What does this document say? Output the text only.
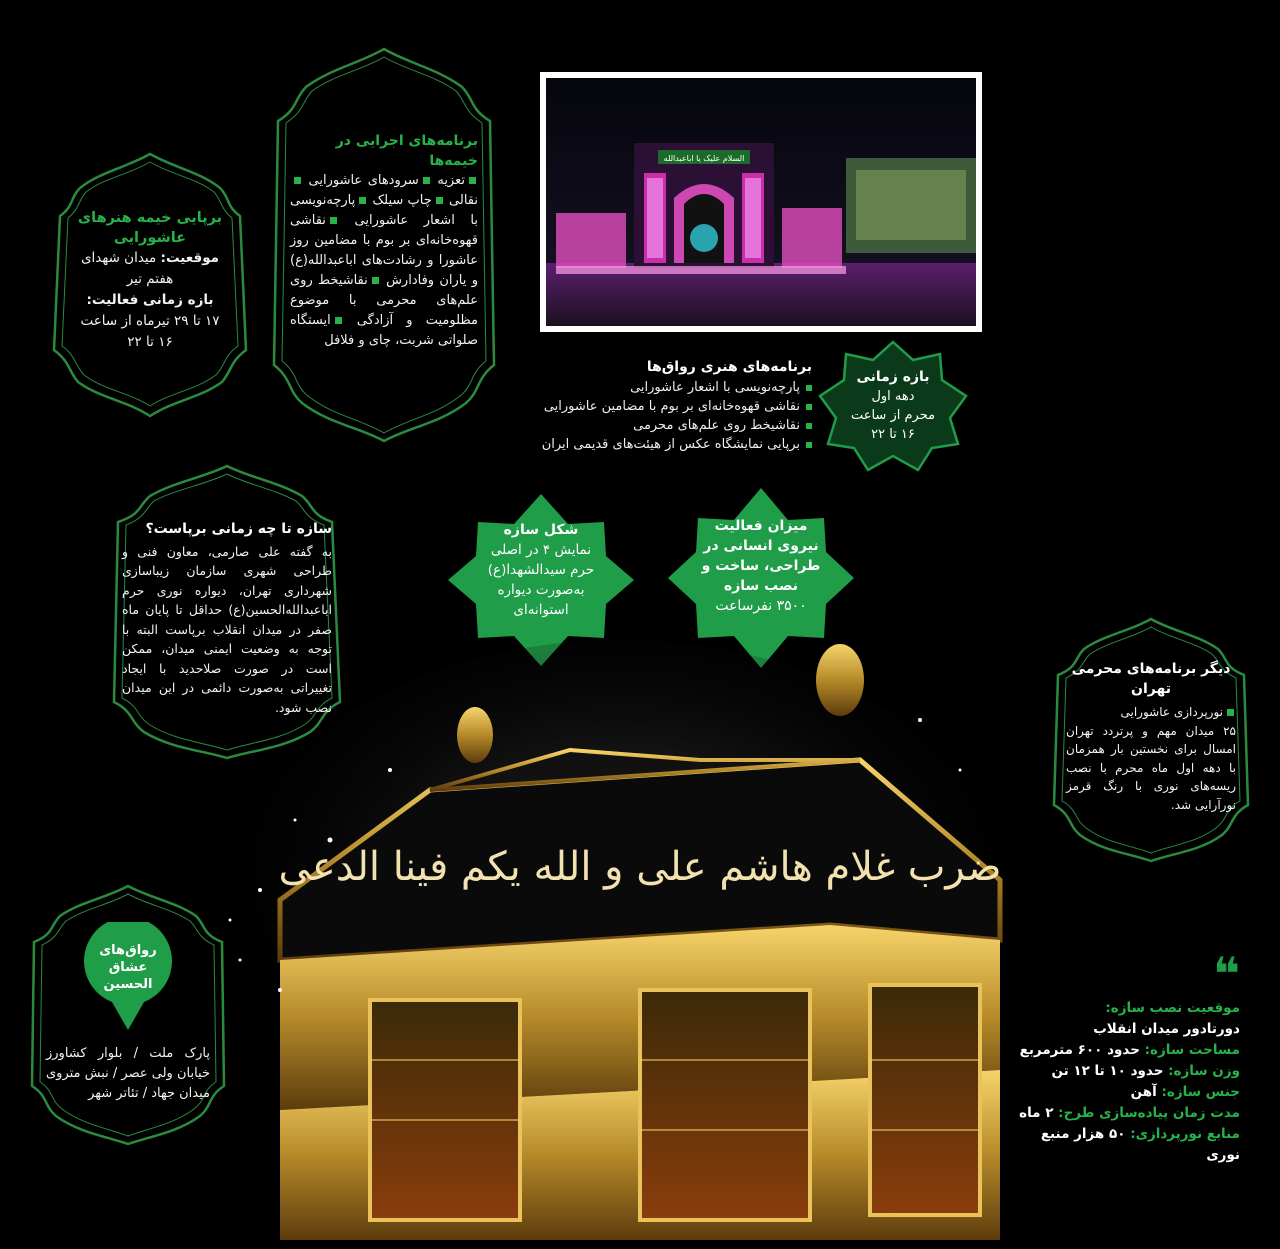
السلام علیک یا اباعبدالله
برپایی خیمه هنرهای عاشورایی
موقعیت: میدان شهدای هفتم تیر
بازه زمانی فعالیت:
۱۷ تا ۲۹ تیرماه از ساعت ۱۶ تا ۲۲
برنامه‌های اجرایی در خیمه‌ها
تعزیه سرودهای عاشورایی نقالی چاپ سیلک پارچه‌نویسی با اشعار عاشورایی نقاشی قهوه‌خانه‌ای بر بوم با مضامین روز عاشورا و رشادت‌های اباعبدالله(ع) و یاران وفادارش نقاشیخط روی علم‌های محرمی با موضوع مظلومیت و آزادگی ایستگاه صلواتی شربت، چای و فلافل
برنامه‌های هنری رواق‌ها
پارچه‌نویسی با اشعار عاشورایی
نقاشی قهوه‌خانه‌ای بر بوم با مضامین عاشورایی
نقاشیخط روی علم‌های محرمی
برپایی نمایشگاه عکس از هیئت‌های قدیمی ایران
بازه زمانی
دهه اول
محرم از ساعت
۱۶ تا ۲۲
سازه تا چه زمانی برپاست؟
به گفته علی صارمی، معاون فنی و طراحی شهری سازمان زیباسازی شهرداری تهران، دیواره نوری حرم اباعبدالله‌الحسین(ع) حداقل تا پایان ماه صفر در میدان انقلاب برپاست البته با توجه به وضعیت ایمنی میدان، ممکن است در صورت صلاحدید با ایجاد تغییراتی به‌صورت دائمی در این میدان نصب شود.
شکل سازه
نمایش ۴ در اصلی
حرم سیدالشهدا(ع)
به‌صورت دیواره
استوانه‌ای
میزان فعالیت
نیروی انسانی در
طراحی، ساخت و
نصب سازه
۳۵۰۰ نفرساعت
دیگر برنامه‌های محرمی تهران
نورپردازی عاشورایی
۲۵ میدان مهم و پرتردد تهران امسال برای نخستین بار همزمان با دهه اول ماه محرم با نصب ریسه‌های نوری با رنگ قرمز نورآرایی شد.
ضرب غلام هاشم علی و الله یکم فینا الدعی
رواق‌های
عشاق
الحسین
پارک ملت / بلوار کشاورز خیابان ولی عصر / نبش متروی میدان جهاد / تئاتر شهر
❝
موقعیت نصب سازه:
دورتادور میدان انقلاب
مساحت سازه: حدود ۶۰۰ مترمربع
وزن سازه: حدود ۱۰ تا ۱۲ تن
جنس سازه: آهن
مدت زمان پیاده‌سازی طرح: ۲ ماه
منابع نورپردازی: ۵۰ هزار منبع نوری
